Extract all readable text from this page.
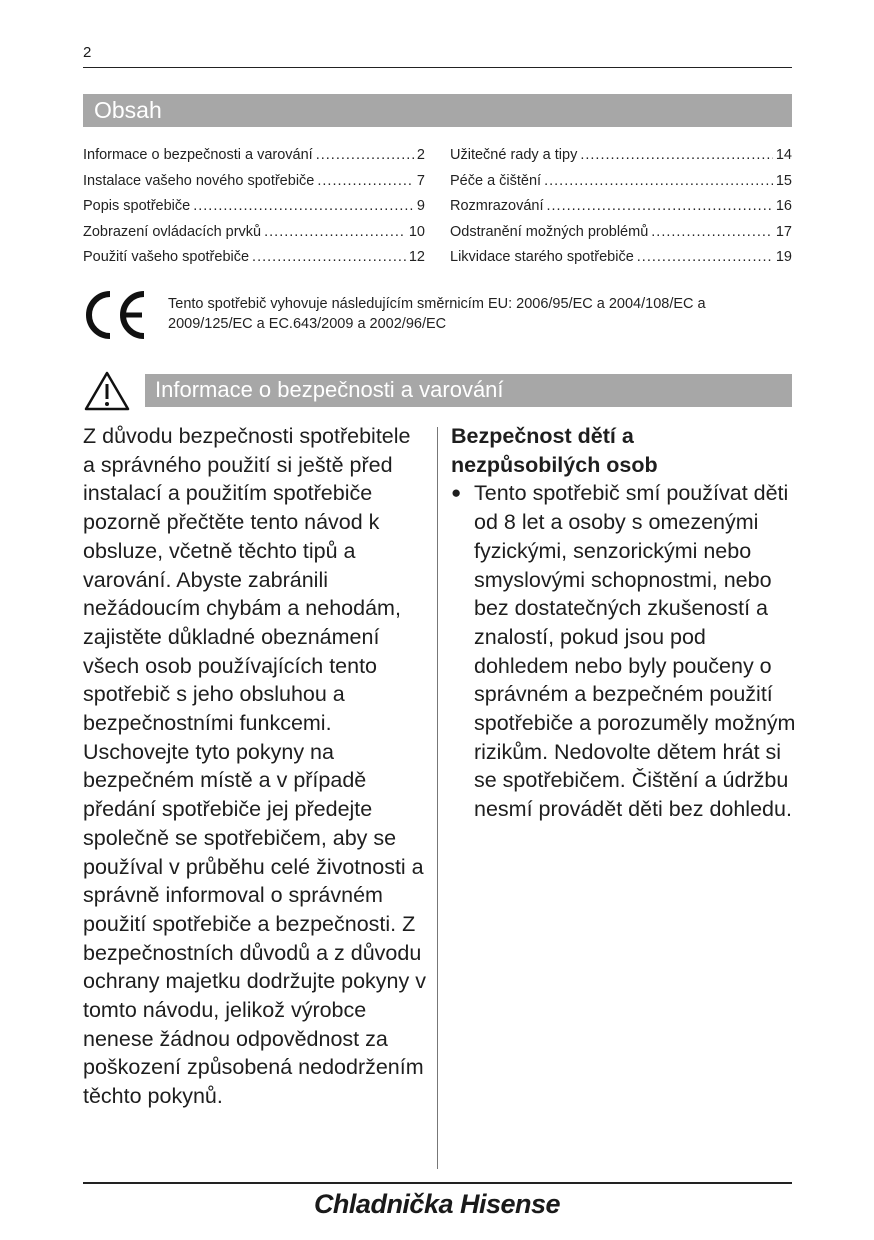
2
Obsah
Informace o bezpečnosti a varování .....	2
Instalace vašeho nového spotřebiče .....	7
Popis spotřebiče .....	9
Zobrazení ovládacích prvků .....	10
Použití vašeho spotřebiče .....	12
Užitečné rady a tipy .....	14
Péče a čištění .....	15
Rozmrazování .....	16
Odstranění možných problémů .....	17
Likvidace starého spotřebiče .....	19
Tento spotřebič vyhovuje následujícím směrnicím EU: 2006/95/EC a 2004/108/EC a 2009/125/EC a EC.643/2009 a 2002/96/EC
Informace o bezpečnosti a varování
Z důvodu bezpečnosti spotřebitele a správného použití si ještě před instalací a použitím spotřebiče pozorně přečtěte tento návod k obsluze, včetně těchto tipů a varování. Abyste zabránili nežádoucím chybám a nehodám, zajistěte důkladné obeznámení všech osob používajících tento spotřebič s jeho obsluhou a bezpečnostními funkcemi. Uschovejte tyto pokyny na bezpečném místě a v případě předání spotřebiče jej předejte společně se spotřebičem, aby se používal v průběhu celé životnosti a správně informoval o správném použití spotřebiče a bezpečnosti. Z bezpečnostních důvodů a z důvodu ochrany majetku dodržujte pokyny v tomto návodu, jelikož výrobce nenese žádnou odpovědnost za poškození způsobená nedodržením těchto pokynů.
Bezpečnost dětí a nezpůsobilých osob
● Tento spotřebič smí používat děti od 8 let a osoby s omezenými fyzickými, senzorickými nebo smyslovými schopnostmi, nebo bez dostatečných zkušeností a znalostí, pokud jsou pod dohledem nebo byly poučeny o správném a bezpečném použití spotřebiče a porozuměly možným rizikům. Nedovolte dětem hrát si se spotřebičem. Čištění a údržbu nesmí provádět děti bez dohledu.
Chladnička Hisense
